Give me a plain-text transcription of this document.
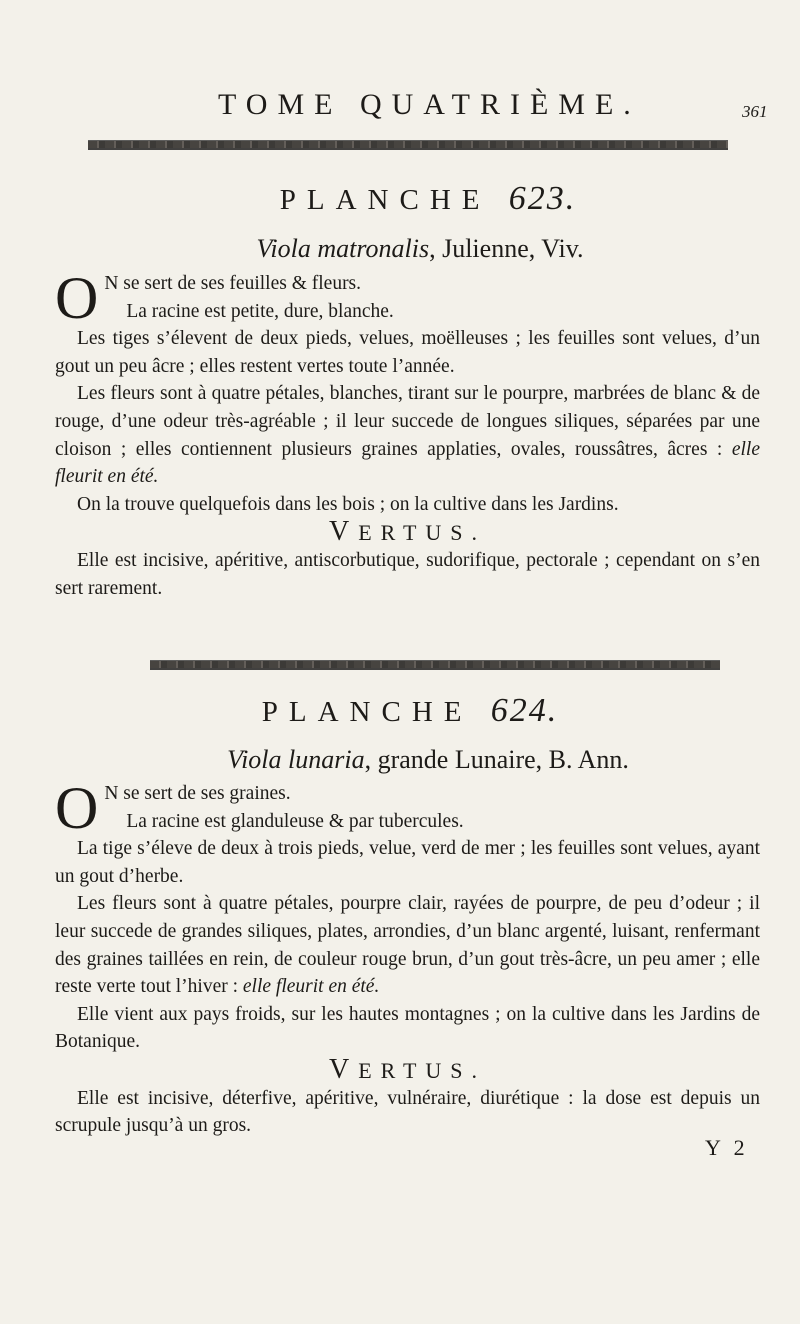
TOME QUATRIÈME.	361
PLANCHE 623.
Viola matronalis, Julienne, Viv.

O N se sert de ses feuilles & fleurs.

La racine est petite, dure, blanche.

Les tiges s’élevent de deux pieds, velues, moëlleuses ; les feuilles sont velues, d’un gout un peu âcre ; elles restent vertes toute l’année.

Les fleurs sont à quatre pétales, blanches, tirant sur le pourpre, marbrées de blanc & de rouge, d’une odeur très-agréable ; il leur succede de longues siliques, séparées par une cloison ; elles contiennent plusieurs graines applaties, ovales, roussâtres, âcres : elle fleurit en été.

On la trouve quelquefois dans les bois ; on la cultive dans les Jardins.

VERTUS.

Elle est incisive, apéritive, antiscorbutique, sudorifique, pectorale ; cependant on s’en sert rarement.

PLANCHE 624.
Viola lunaria, grande Lunaire, B. Ann.

O N se sert de ses graines.

La racine est glanduleuse & par tubercules.

La tige s’éleve de deux à trois pieds, velue, verd de mer ; les feuilles sont velues, ayant un gout d’herbe.

Les fleurs sont à quatre pétales, pourpre clair, rayées de pourpre, de peu d’odeur ; il leur succede de grandes siliques, plates, arrondies, d’un blanc argenté, luisant, renfermant des graines taillées en rein, de couleur rouge brun, d’un gout très-âcre, un peu amer ; elle reste verte tout l’hiver : elle fleurit en été.

Elle vient aux pays froids, sur les hautes montagnes ; on la cultive dans les Jardins de Botanique.

VERTUS.

Elle est incisive, déterfive, apéritive, vulnéraire, diurétique : la dose est depuis un scrupule jusqu’à un gros.

Y 2
